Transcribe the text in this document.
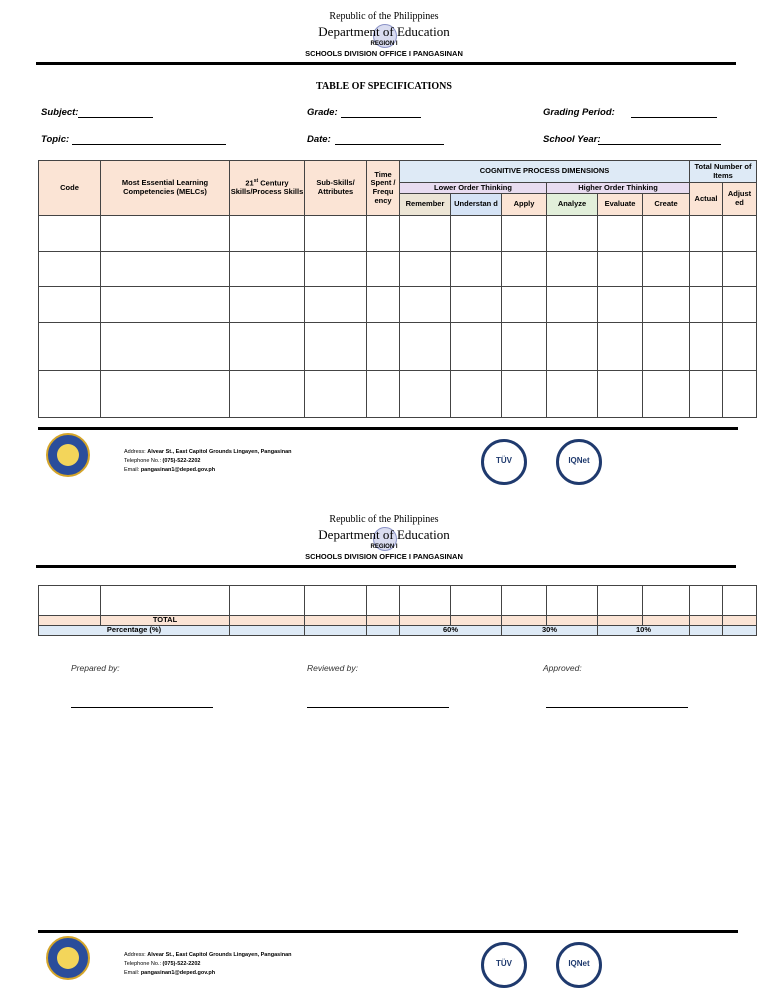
Republic of the Philippines
Department of Education
REGION I
SCHOOLS DIVISION OFFICE I PANGASINAN
TABLE OF SPECIFICATIONS
Subject:	Grade:	Grading Period:
Topic:	Date:	School Year:
Code	Most Essential Learning Competencies (MELCs)	21st Century Skills/Process Skills	Sub-Skills/ Attributes	Time Spent / Frequ ency	COGNITIVE PROCESS DIMENSIONS						Total Number of Items	
					Lower Order Thinking			Higher Order Thinking			Actual	Adjust ed
					Remember	Understan d	Apply	Analyze	Evaluate	Create		

Address: Alvear St., East Capitol Grounds Lingayen, Pangasinan
Telephone No.: (075)-522-2202
Email: pangasinan1@deped.gov.ph
TÜV	IQNet
Republic of the Philippines
Department of Education
REGION I
SCHOOLS DIVISION OFFICE I PANGASINAN

	TOTAL											
Percentage (%)					60%		30%		10%			
Prepared by:	Reviewed by:	Approved:
Address: Alvear St., East Capitol Grounds Lingayen, Pangasinan
Telephone No.: (075)-522-2202
Email: pangasinan1@deped.gov.ph
TÜV	IQNet
